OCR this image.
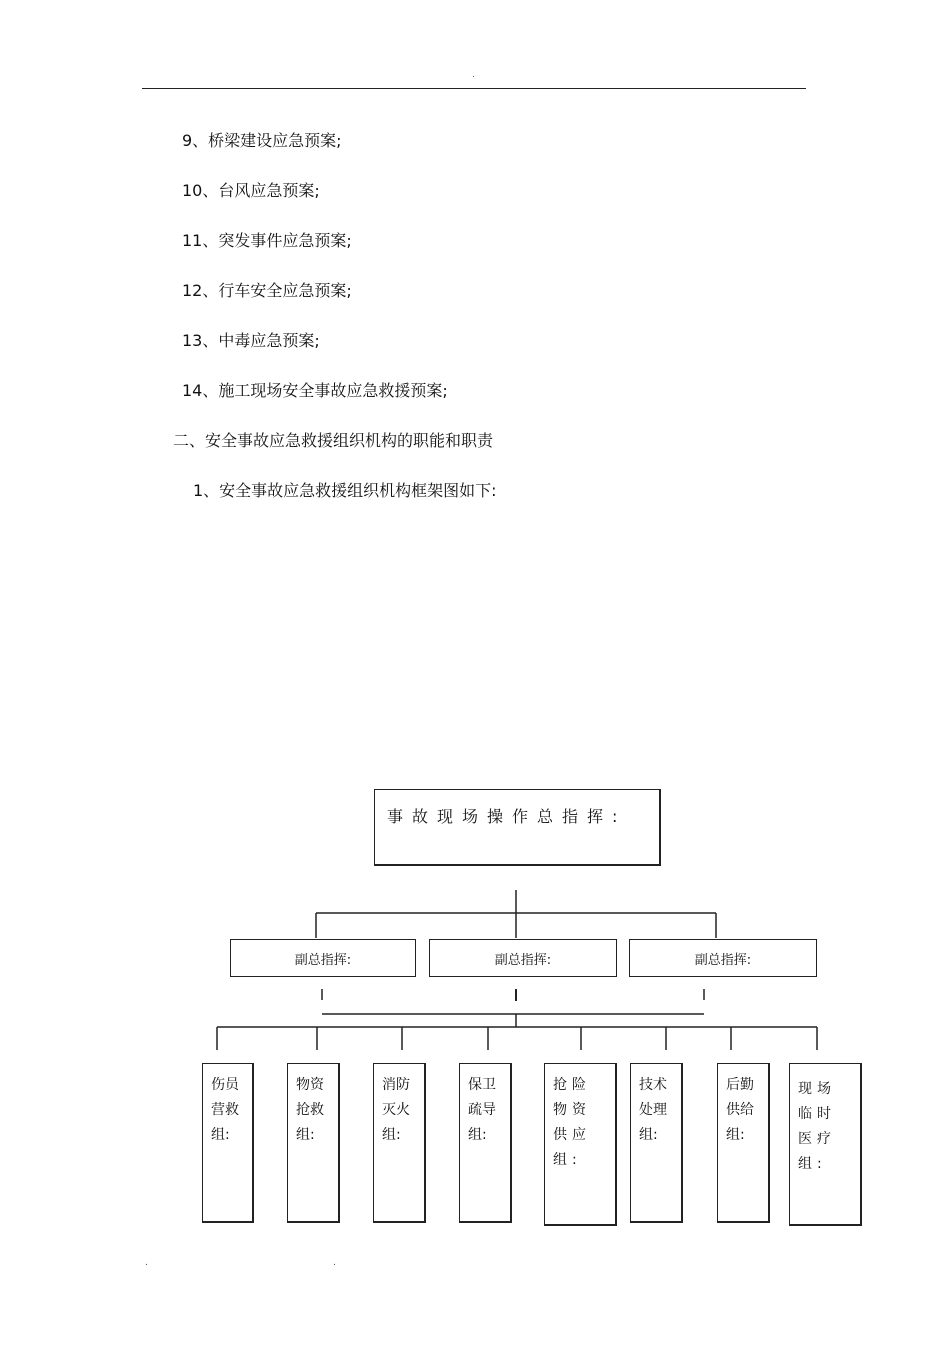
.
9、桥梁建设应急预案;
10、台风应急预案;
11、突发事件应急预案;
12、行车安全应急预案;
13、中毒应急预案;
14、施工现场安全事故应急救援预案;
二、安全事故应急救援组织机构的职能和职责
1、安全事故应急救援组织机构框架图如下:
事故现场操作总指挥:
副总指挥:	副总指挥:	副总指挥:
伤员营救组:
物资抢救组:
消防灭火组:
保卫疏导组:
抢险物资供应组:
技术处理组:
后勤供给组:
现场临时医疗组:
.	.
